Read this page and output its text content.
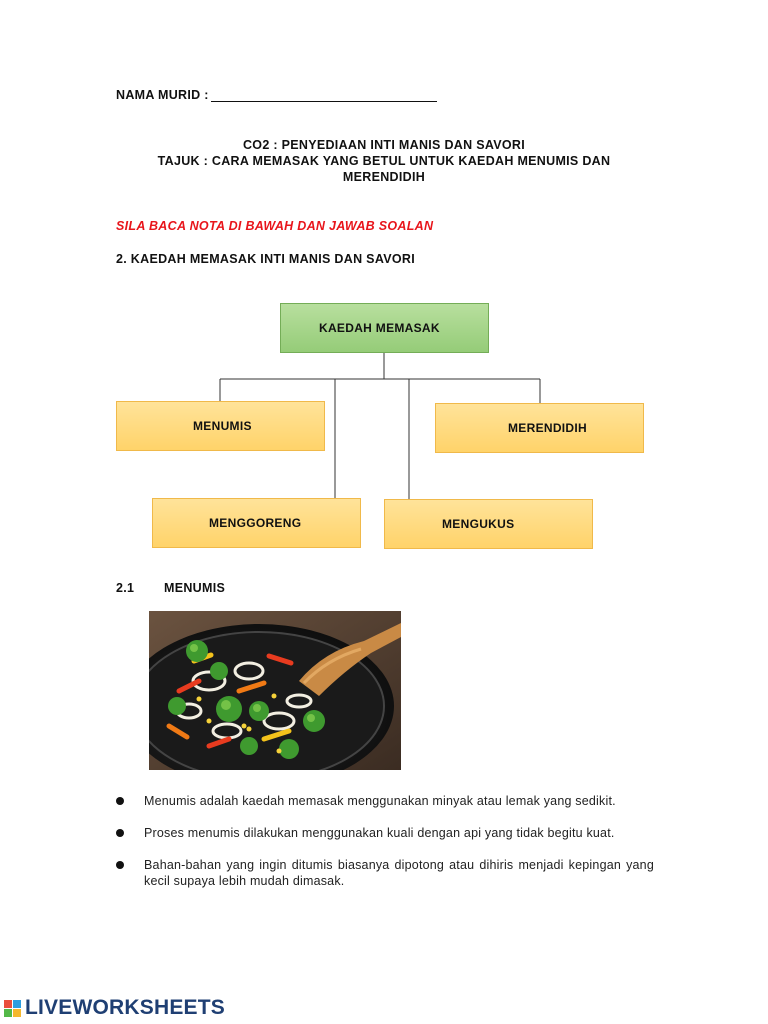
NAMA MURID :
CO2 : PENYEDIAAN INTI MANIS DAN SAVORI
TAJUK : CARA MEMASAK YANG BETUL UNTUK KAEDAH MENUMIS DAN
MERENDIDIH
SILA BACA NOTA DI BAWAH DAN JAWAB SOALAN
2. KAEDAH MEMASAK INTI MANIS DAN SAVORI
KAEDAH MEMASAK
MENUMIS	MERENDIDIH
MENGGORENG	MENGUKUS
2.1 MENUMIS
Menumis adalah kaedah memasak menggunakan minyak atau lemak yang sedikit.
Proses menumis dilakukan menggunakan kuali dengan api yang tidak begitu kuat.
Bahan-bahan yang ingin ditumis biasanya dipotong atau dihiris menjadi kepingan yang kecil supaya lebih mudah dimasak.
LIVEWORKSHEETS
